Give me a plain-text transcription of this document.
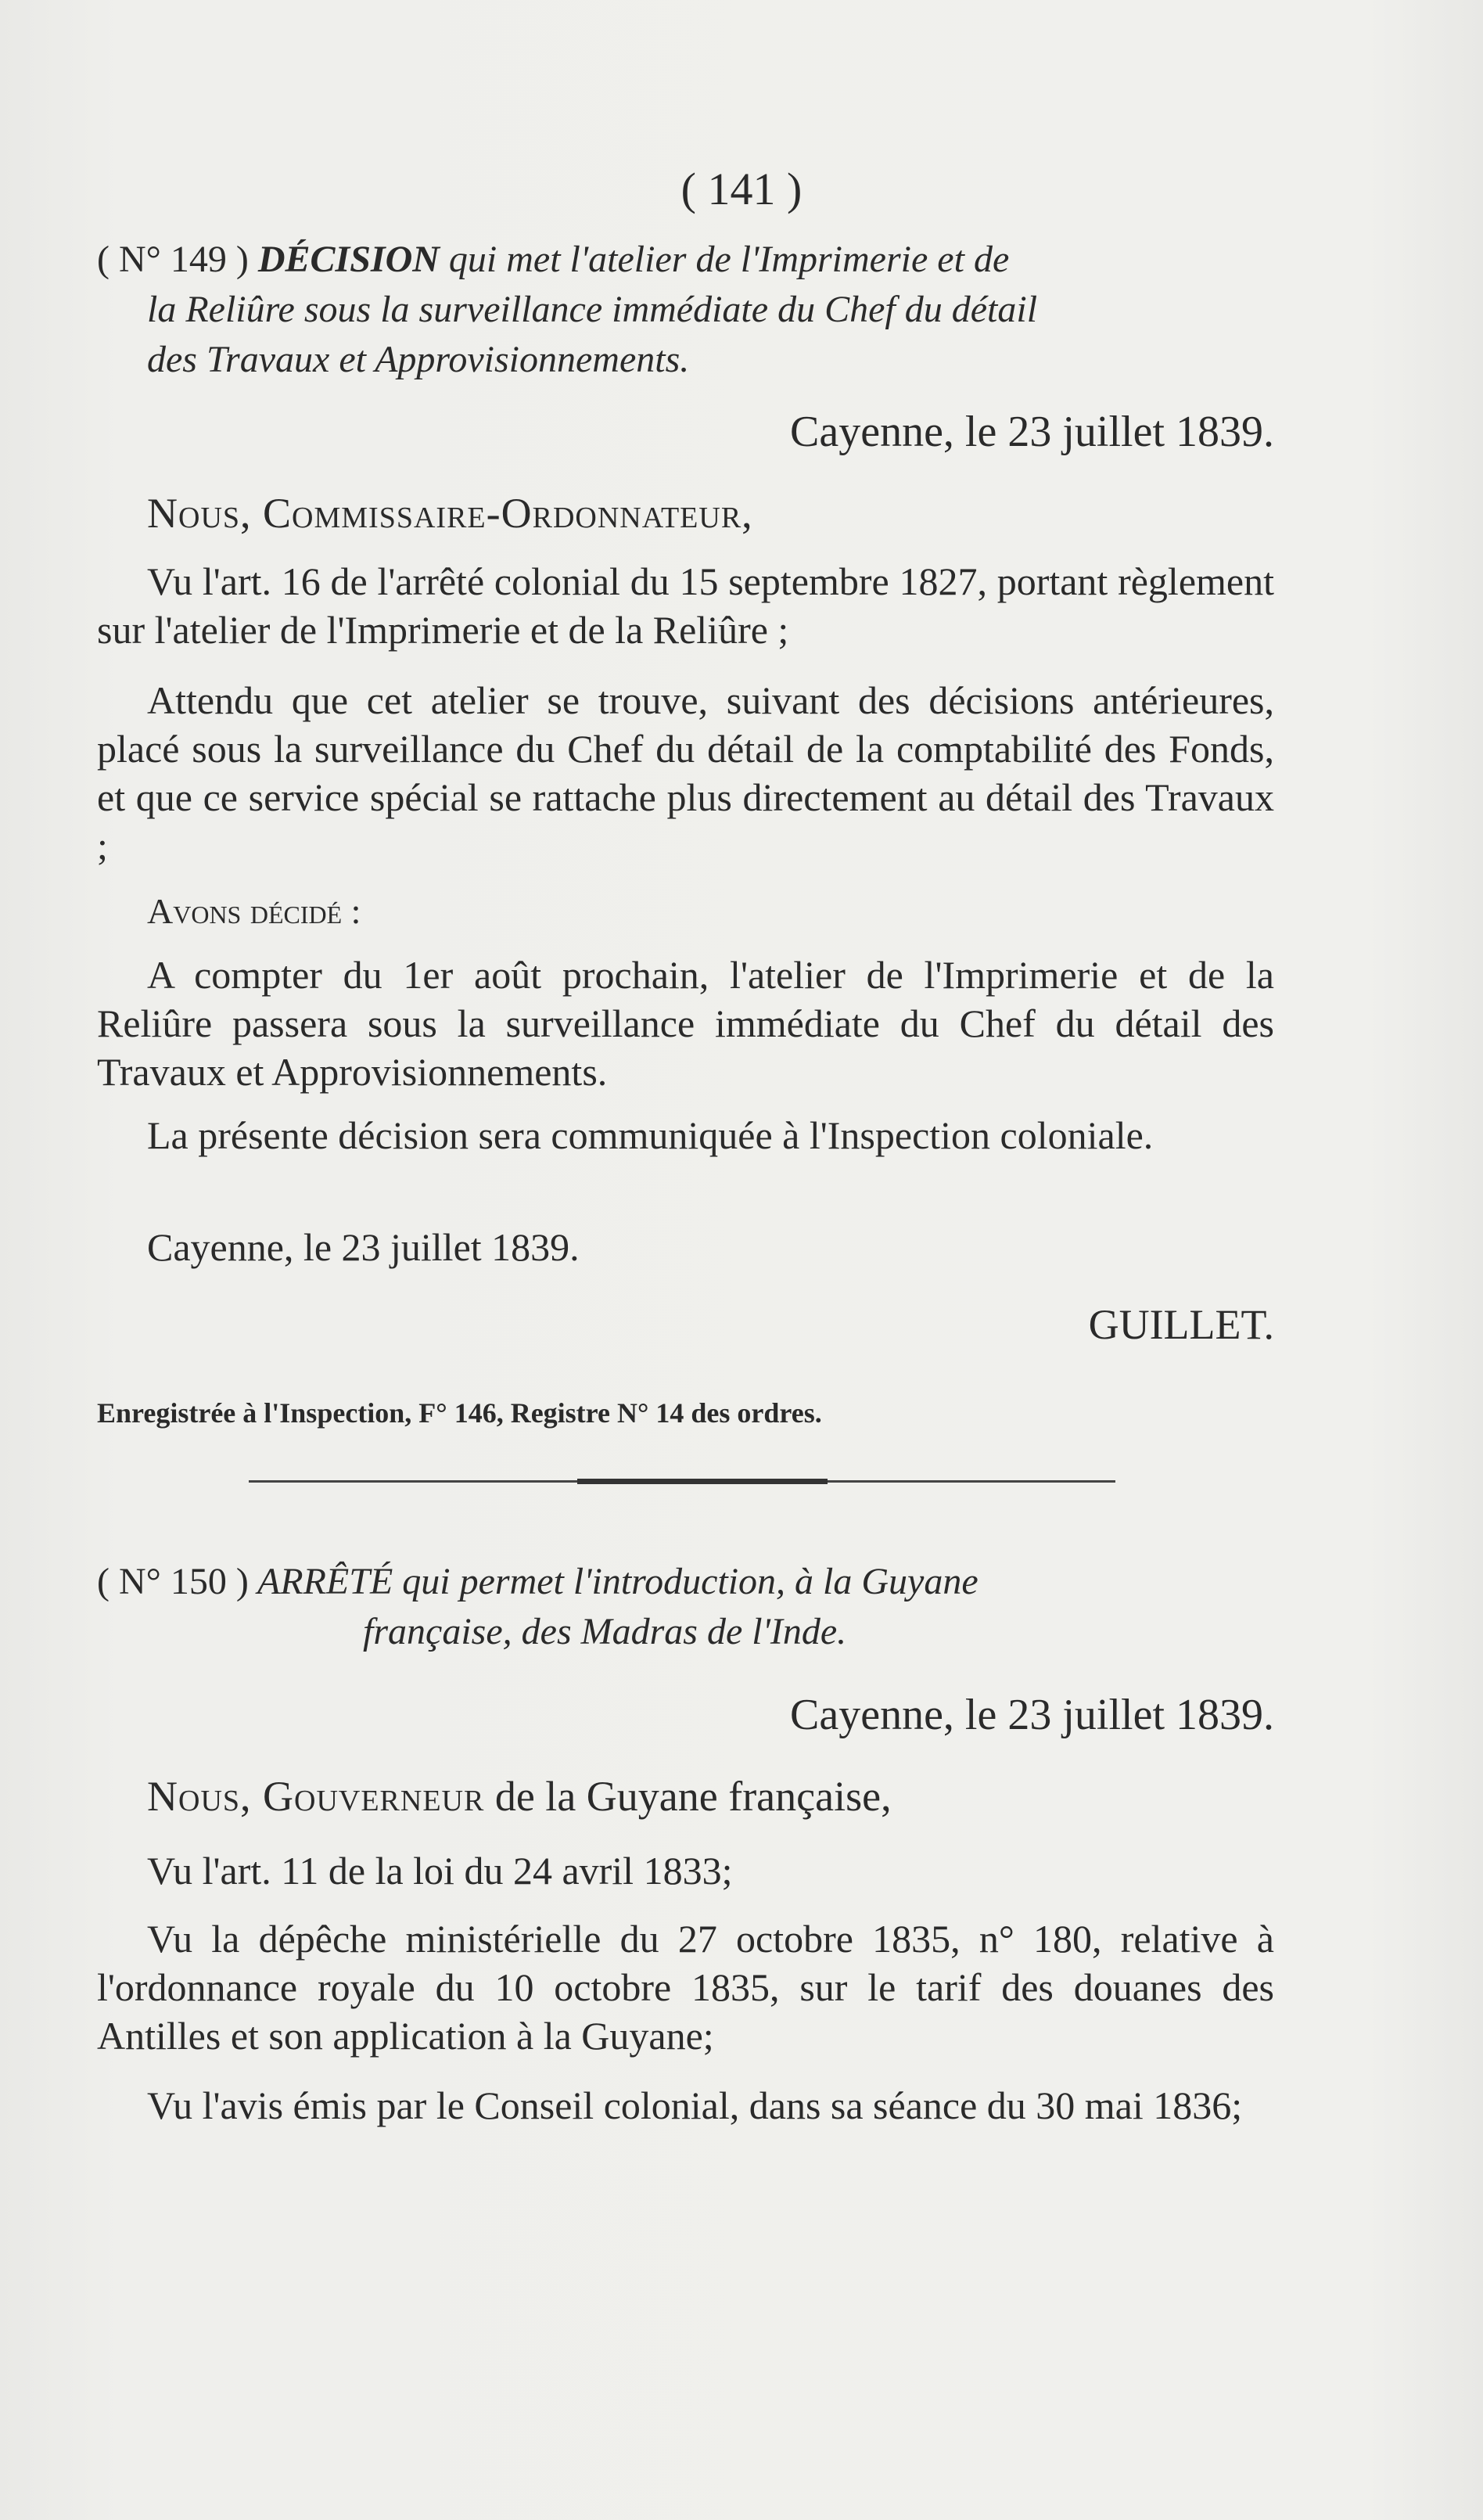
( 141 )
( N° 149 ) DÉCISION qui met l'atelier de l'Imprimerie et de
la Reliûre sous la surveillance immédiate du Chef du détail
des Travaux et Approvisionnements.
Cayenne, le 23 juillet 1839.
Nous, Commissaire-Ordonnateur,

Vu l'art. 16 de l'arrêté colonial du 15 septembre 1827, portant règlement sur l'atelier de l'Imprimerie et de la Reliûre ;

Attendu que cet atelier se trouve, suivant des décisions antérieures, placé sous la surveillance du Chef du détail de la comptabilité des Fonds, et que ce service spécial se rattache plus directement au détail des Travaux ;

Avons décidé :

A compter du 1er août prochain, l'atelier de l'Imprimerie et de la Reliûre passera sous la surveillance immédiate du Chef du détail des Travaux et Approvisionnements.

La présente décision sera communiquée à l'Inspection coloniale.

Cayenne, le 23 juillet 1839.
GUILLET.
Enregistrée à l'Inspection, F° 146, Registre N° 14 des ordres.
( N° 150 ) ARRÊTÉ qui permet l'introduction, à la Guyane
française, des Madras de l'Inde.
Cayenne, le 23 juillet 1839.
Nous, Gouverneur de la Guyane française,

Vu l'art. 11 de la loi du 24 avril 1833;

Vu la dépêche ministérielle du 27 octobre 1835, n° 180, relative à l'ordonnance royale du 10 octobre 1835, sur le tarif des douanes des Antilles et son application à la Guyane;

Vu l'avis émis par le Conseil colonial, dans sa séance du 30 mai 1836;
